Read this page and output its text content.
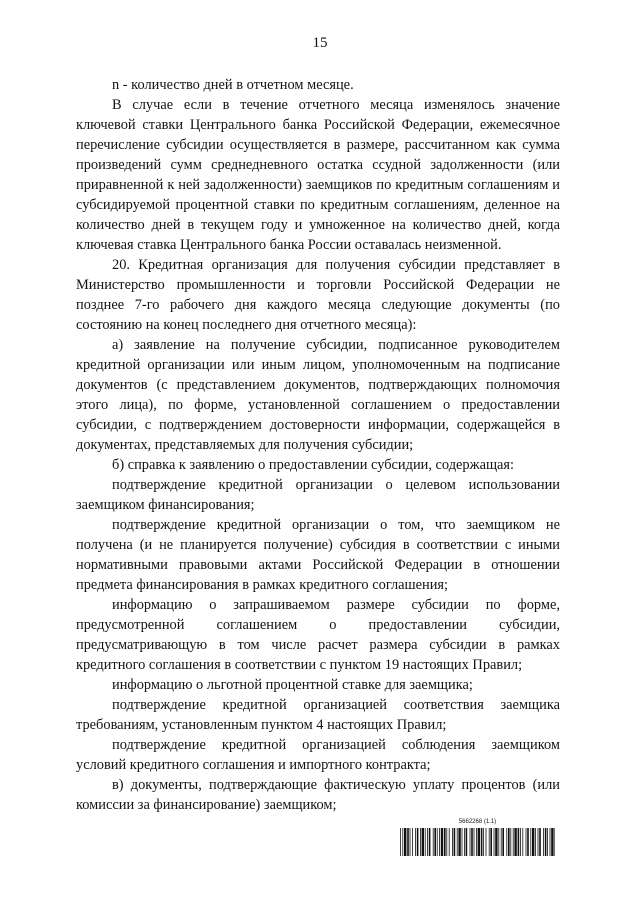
15

n - количество дней в отчетном месяце.

В случае если в течение отчетного месяца изменялось значение ключевой ставки Центрального банка Российской Федерации, ежемесячное перечисление субсидии осуществляется в размере, рассчитанном как сумма произведений сумм среднедневного остатка ссудной задолженности (или приравненной к ней задолженности) заемщиков по кредитным соглашениям и субсидируемой процентной ставки по кредитным соглашениям, деленное на количество дней в текущем году и умноженное на количество дней, когда ключевая ставка Центрального банка России оставалась неизменной.

20. Кредитная организация для получения субсидии представляет в Министерство промышленности и торговли Российской Федерации не позднее 7-го рабочего дня каждого месяца следующие документы (по состоянию на конец последнего дня отчетного месяца):

а) заявление на получение субсидии, подписанное руководителем кредитной организации или иным лицом, уполномоченным на подписание документов (с представлением документов, подтверждающих полномочия этого лица), по форме, установленной соглашением о предоставлении субсидии, с подтверждением достоверности информации, содержащейся в документах, представляемых для получения субсидии;

б) справка к заявлению о предоставлении субсидии, содержащая:

подтверждение кредитной организации о целевом использовании заемщиком финансирования;

подтверждение кредитной организации о том, что заемщиком не получена (и не планируется получение) субсидия в соответствии с иными нормативными правовыми актами Российской Федерации в отношении предмета финансирования в рамках кредитного соглашения;

информацию о запрашиваемом размере субсидии по форме, предусмотренной соглашением о предоставлении субсидии, предусматривающую в том числе расчет размера субсидии в рамках кредитного соглашения в соответствии с пунктом 19 настоящих Правил;

информацию о льготной процентной ставке для заемщика;

подтверждение кредитной организацией соответствия заемщика требованиям, установленным пунктом 4 настоящих Правил;

подтверждение кредитной организацией соблюдения заемщиком условий кредитного соглашения и импортного контракта;

в) документы, подтверждающие фактическую уплату процентов (или комиссии за финансирование) заемщиком;

5662268 (1.1)
